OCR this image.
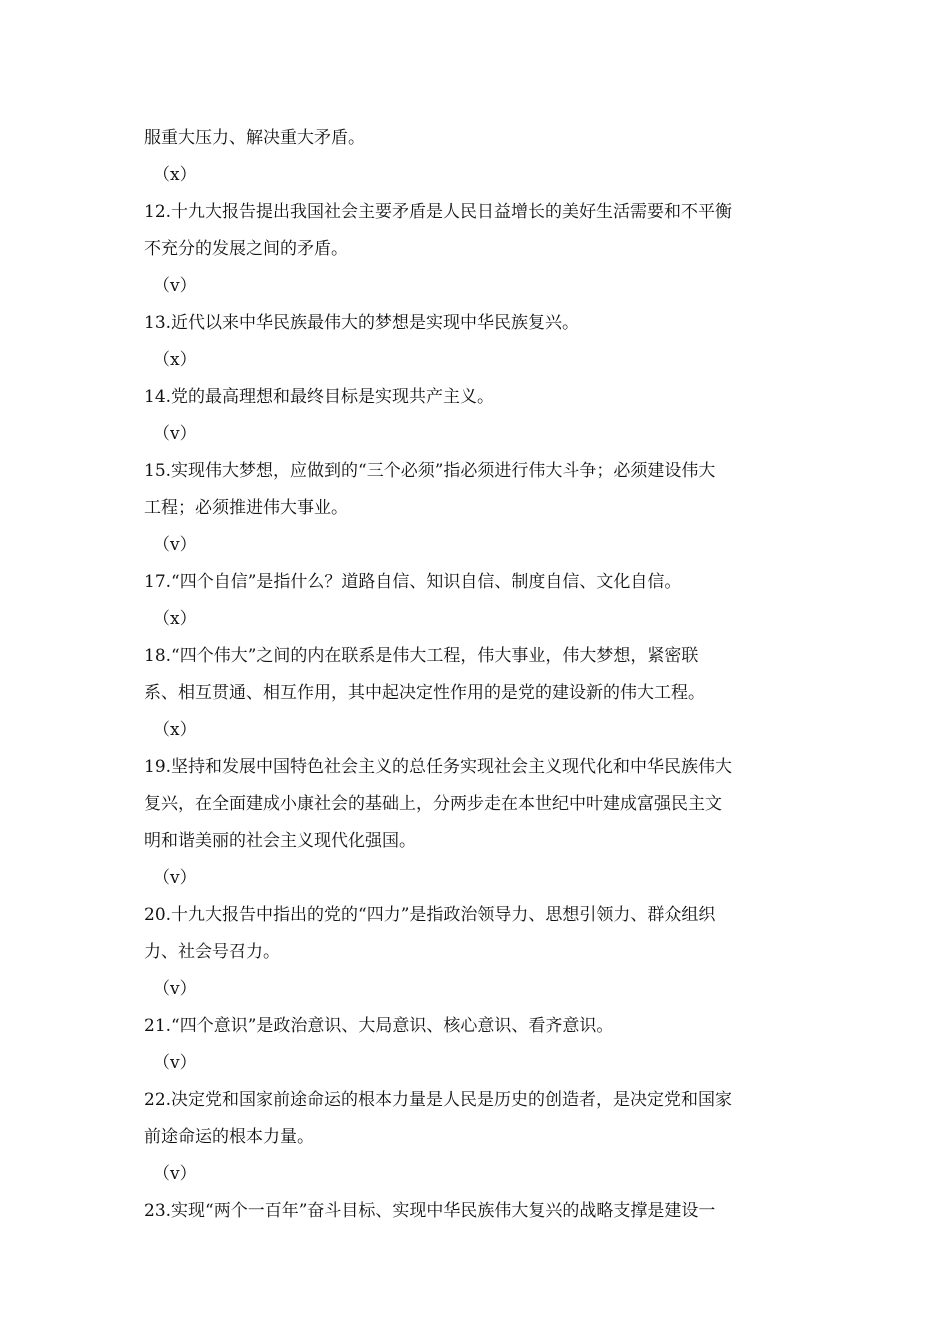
服重大压力、解决重大矛盾。
（x）
12.十九大报告提出我国社会主要矛盾是人民日益增长的美好生活需要和不平衡
不充分的发展之间的矛盾。
（v）
13.近代以来中华民族最伟大的梦想是实现中华民族复兴。
（x）
14.党的最高理想和最终目标是实现共产主义。
（v）
15.实现伟大梦想，应做到的“三个必须”指必须进行伟大斗争；必须建设伟大
工程；必须推进伟大事业。
（v）
17.“四个自信”是指什么？道路自信、知识自信、制度自信、文化自信。
（x）
18.“四个伟大”之间的内在联系是伟大工程，伟大事业，伟大梦想，紧密联
系、相互贯通、相互作用，其中起决定性作用的是党的建设新的伟大工程。
（x）
19.坚持和发展中国特色社会主义的总任务实现社会主义现代化和中华民族伟大
复兴，在全面建成小康社会的基础上，分两步走在本世纪中叶建成富强民主文
明和谐美丽的社会主义现代化强国。
（v）
20.十九大报告中指出的党的“四力”是指政治领导力、思想引领力、群众组织
力、社会号召力。
（v）
21.“四个意识”是政治意识、大局意识、核心意识、看齐意识。
（v）
22.决定党和国家前途命运的根本力量是人民是历史的创造者，是决定党和国家
前途命运的根本力量。
（v）
23.实现“两个一百年”奋斗目标、实现中华民族伟大复兴的战略支撑是建设一
